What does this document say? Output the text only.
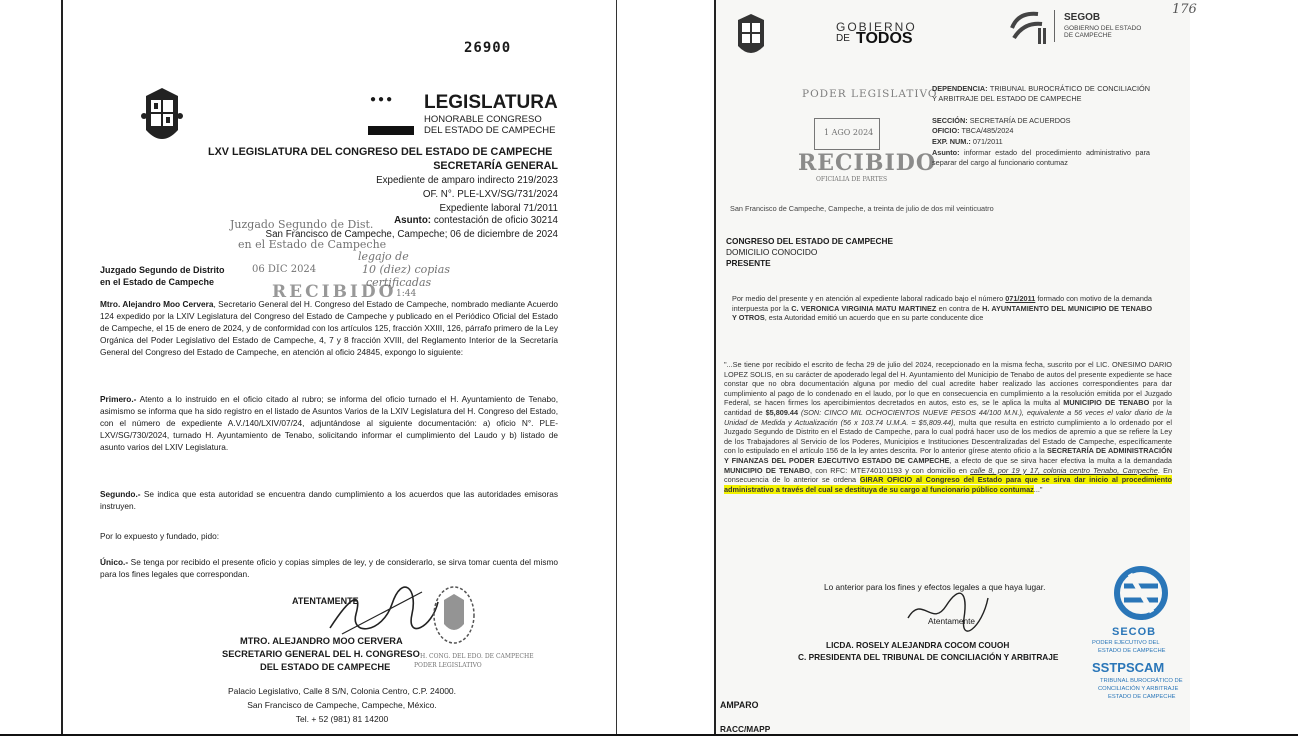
26900
●●● LEGISLATURA
HONORABLE CONGRESO
DEL ESTADO DE CAMPECHE
LXV LEGISLATURA DEL CONGRESO DEL ESTADO DE CAMPECHE
SECRETARÍA GENERAL
Expediente de amparo indirecto 219/2023
OF. N°. PLE-LXV/SG/731/2024
Expediente laboral 71/2011
Asunto: contestación de oficio 30214
San Francisco de Campeche, Campeche; 06 de diciembre de 2024
Juzgado Segundo de Dist.
en el Estado de Campeche
06 DIC 2024
RECIBIDO
legajo de
10 (diez) copias
certificadas
1:44
Juzgado Segundo de Distrito
en el Estado de Campeche
Mtro. Alejandro Moo Cervera, Secretario General del H. Congreso del Estado de Campeche, nombrado mediante Acuerdo 124 expedido por la LXIV Legislatura del Congreso del Estado de Campeche y publicado en el Periódico Oficial del Estado de Campeche, el 15 de enero de 2024, y de conformidad con los artículos 125, fracción XXIII, 126, párrafo primero de la Ley Orgánica del Poder Legislativo del Estado de Campeche, 4, 7 y 8 fracción XVIII, del Reglamento Interior de la Secretaría General del Congreso del Estado de Campeche, en atención al oficio 24845, expongo lo siguiente:
Primero.- Atento a lo instruido en el oficio citado al rubro; se informa del oficio turnado el H. Ayuntamiento de Tenabo, asimismo se informa que ha sido registro en el listado de Asuntos Varios de la LXIV Legislatura del H. Congreso del Estado, con el número de expediente A.V./140/LXIV/07/24, adjuntándose al siguiente documentación: a) oficio N°. PLE-LXV/SG/730/2024, turnado H. Ayuntamiento de Tenabo, solicitando informar el cumplimiento del Laudo y b) listado de asunto varios del LXIV Legislatura.
Segundo.- Se indica que esta autoridad se encuentra dando cumplimiento a los acuerdos que las autoridades emisoras instruyen.
Por lo expuesto y fundado, pido:
Único.- Se tenga por recibido el presente oficio y copias simples de ley, y de considerarlo, se sirva tomar cuenta del mismo para los fines legales que correspondan.
ATENTAMENTE
MTRO. ALEJANDRO MOO CERVERA
SECRETARIO GENERAL DEL H. CONGRESO
DEL ESTADO DE CAMPECHE
H. CONG. DEL EDO. DE CAMPECHE
PODER LEGISLATIVO
Palacio Legislativo, Calle 8 S/N, Colonia Centro, C.P. 24000.
San Francisco de Campeche, Campeche, México.
Tel. + 52 (981) 81 14200
GOBIERNO
DE TODOS
SEGOB
GOBIERNO DEL ESTADO
DE CAMPECHE
176
PODER LEGISLATIVO
1 AGO 2024
RECIBIDO
OFICIALIA DE PARTES
DEPENDENCIA: TRIBUNAL BUROCRÁTICO DE CONCILIACIÓN Y ARBITRAJE DEL ESTADO DE CAMPECHE
SECCIÓN: SECRETARÍA DE ACUERDOS
OFICIO: TBCA/485/2024
EXP. NUM.: 071/2011
Asunto: informar estado del procedimiento administrativo para separar del cargo al funcionario contumaz
San Francisco de Campeche, Campeche, a treinta de julio de dos mil veinticuatro
CONGRESO DEL ESTADO DE CAMPECHE
DOMICILIO CONOCIDO
PRESENTE
Por medio del presente y en atención al expediente laboral radicado bajo el número 071/2011 formado con motivo de la demanda interpuesta por la C. VERONICA VIRGINIA MATU MARTINEZ en contra de H. AYUNTAMIENTO DEL MUNICIPIO DE TENABO Y OTROS, esta Autoridad emitió un acuerdo que en su parte conducente dice
"...Se tiene por recibido el escrito de fecha 29 de julio del 2024, recepcionado en la misma fecha, suscrito por el LIC. ONESIMO DARIO LOPEZ SOLIS, en su carácter de apoderado legal del H. Ayuntamiento del Municipio de Tenabo de autos del presente expediente se hace constar que no obra documentación alguna por medio del cual acredite haber realizado las acciones correspondientes para dar cumplimiento al pago de lo condenado en el laudo, por lo que en consecuencia en cumplimiento a la resolución emitida por el Juzgado Federal, se hacen firmes los apercibimientos decretados en autos, esto es, se le aplica la multa al MUNICIPIO DE TENABO por la cantidad de $5,809.44 (SON: CINCO MIL OCHOCIENTOS NUEVE PESOS 44/100 M.N.), equivalente a 56 veces el valor diario de la Unidad de Medida y Actualización (56 x 103.74 U.M.A. = $5,809.44), multa que resulta en estricto cumplimiento a lo ordenado por el Juzgado Segundo de Distrito en el Estado de Campeche, para lo cual podrá hacer uso de los medios de apremio a que se refiere la Ley de los Trabajadores al Servicio de los Poderes, Municipios e Instituciones Descentralizadas del Estado de Campeche, específicamente con lo estipulado en el artículo 156 de la ley antes descrita. Por lo anterior gírese atento oficio a la SECRETARÍA DE ADMINISTRACIÓN Y FINANZAS DEL PODER EJECUTIVO ESTADO DE CAMPECHE, a efecto de que se sirva hacer efectiva la multa a la demandada MUNICIPIO DE TENABO, con RFC: MTE740101193 y con domicilio en calle 8, por 19 y 17, colonia centro Tenabo, Campeche. En consecuencia de lo anterior se ordena GIRAR OFICIO al Congreso del Estado para que se sirva dar inicio al procedimiento administrativo a través del cual se destituya de su cargo al funcionario público contumaz..."
Lo anterior para los fines y efectos legales a que haya lugar.
Atentamente
LICDA. ROSELY ALEJANDRA COCOM COUOH
C. PRESIDENTA DEL TRIBUNAL DE CONCILIACIÓN Y ARBITRAJE
SECOB
PODER EJECUTIVO DEL
ESTADO DE CAMPECHE
SSTPSCAM
TRIBUNAL BUROCRÁTICO DE
CONCILIACIÓN Y ARBITRAJE
ESTADO DE CAMPECHE
AMPARO
RACC/MAPP
